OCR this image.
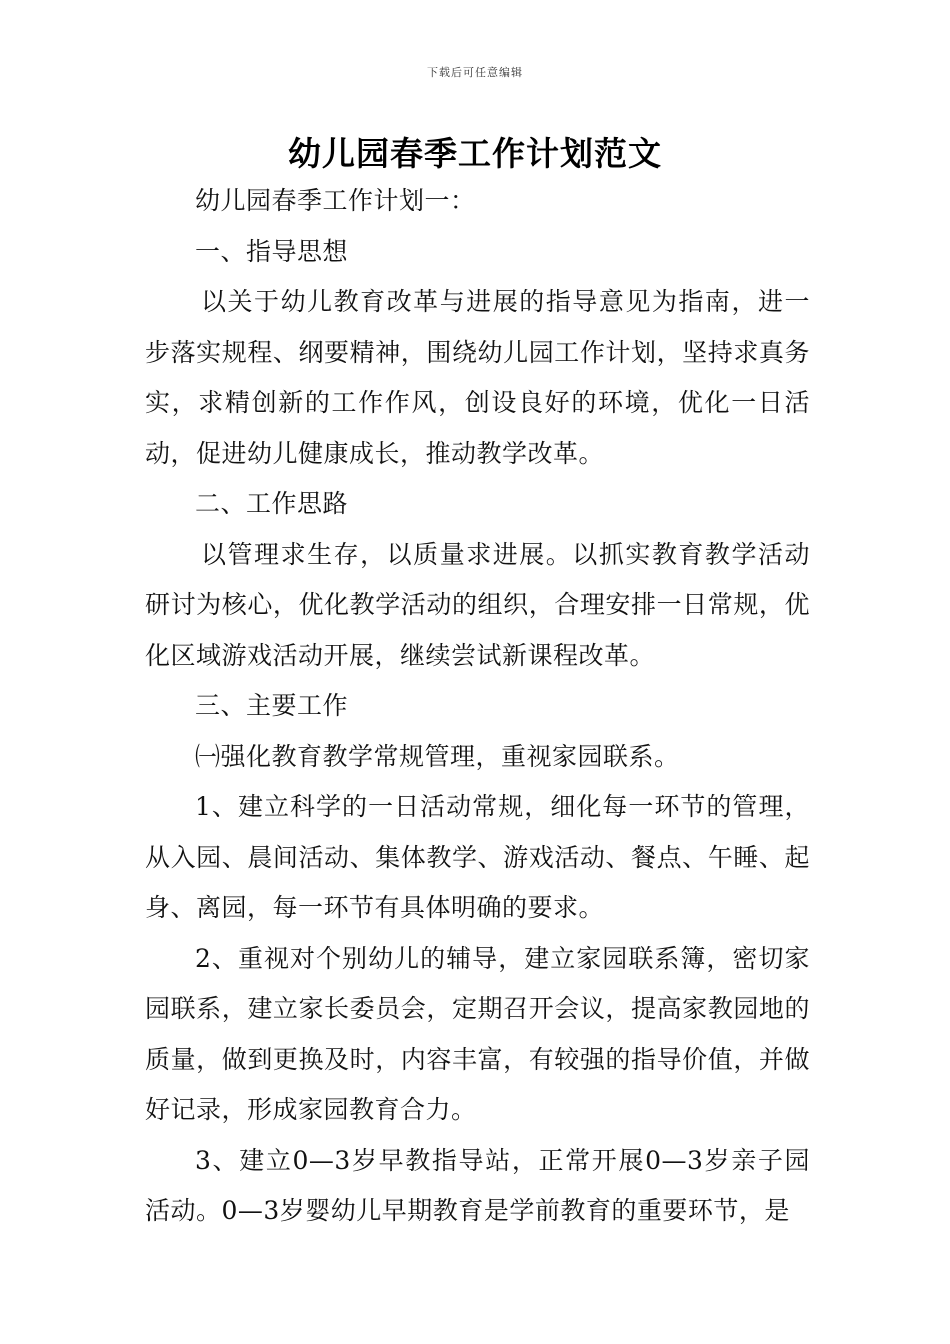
下载后可任意编辑
幼儿园春季工作计划范文

幼儿园春季工作计划一：

一、指导思想

以关于幼儿教育改革与进展的指导意见为指南，进一步落实规程、纲要精神，围绕幼儿园工作计划，坚持求真务实，求精创新的工作作风，创设良好的环境，优化一日活动，促进幼儿健康成长，推动教学改革。

二、工作思路

以管理求生存，以质量求进展。以抓实教育教学活动研讨为核心，优化教学活动的组织，合理安排一日常规，优化区域游戏活动开展，继续尝试新课程改革。

三、主要工作

㈠强化教育教学常规管理，重视家园联系。

1、建立科学的一日活动常规，细化每一环节的管理，从入园、晨间活动、集体教学、游戏活动、餐点、午睡、起身、离园，每一环节有具体明确的要求。

2、重视对个别幼儿的辅导，建立家园联系簿，密切家园联系，建立家长委员会，定期召开会议，提高家教园地的质量，做到更换及时，内容丰富，有较强的指导价值，并做好记录，形成家园教育合力。

3、建立0—3岁早教指导站，正常开展0—3岁亲子园活动。0—3岁婴幼儿早期教育是学前教育的重要环节，是
